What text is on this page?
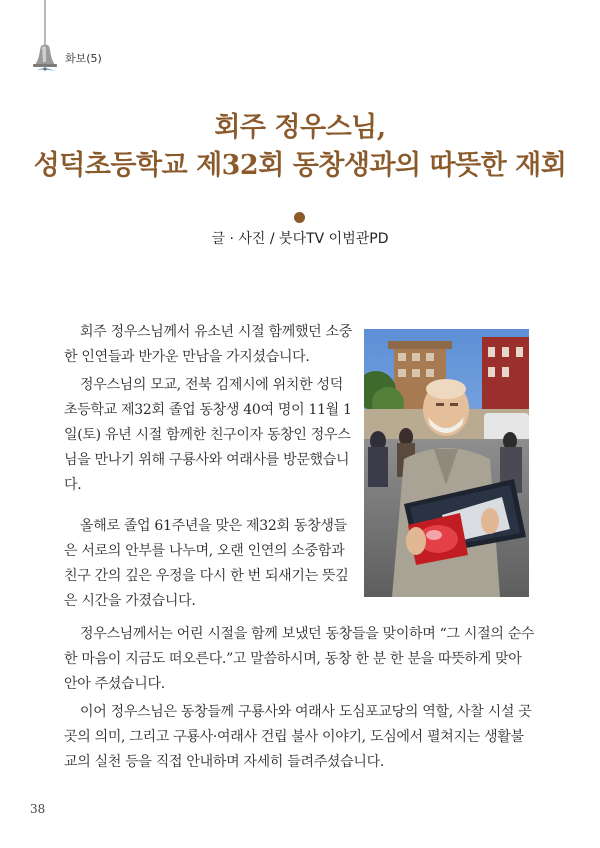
화보(5)
회주 정우스님,
성덕초등학교 제32회 동창생과의 따뜻한 재회
글 · 사진 / 붓다TV 이범관PD

회주 정우스님께서 유소년 시절 함께했던 소중한 인연들과 반가운 만남을 가지셨습니다.

정우스님의 모교, 전북 김제시에 위치한 성덕초등학교 제32회 졸업 동창생 40여 명이 11월 1일(토) 유년 시절 함께한 친구이자 동창인 정우스님을 만나기 위해 구룡사와 여래사를 방문했습니다.

올해로 졸업 61주년을 맞은 제32회 동창생들은 서로의 안부를 나누며, 오랜 인연의 소중함과 친구 간의 깊은 우정을 다시 한 번 되새기는 뜻깊은 시간을 가졌습니다.

정우스님께서는 어린 시절을 함께 보냈던 동창들을 맞이하며 “그 시절의 순수한 마음이 지금도 떠오른다.”고 말씀하시며, 동창 한 분 한 분을 따뜻하게 맞아 안아 주셨습니다.

이어 정우스님은 동창들께 구룡사와 여래사 도심포교당의 역할, 사찰 시설 곳곳의 의미, 그리고 구룡사·여래사 건립 불사 이야기, 도심에서 펼쳐지는 생활불교의 실천 등을 직접 안내하며 자세히 들려주셨습니다.

38
